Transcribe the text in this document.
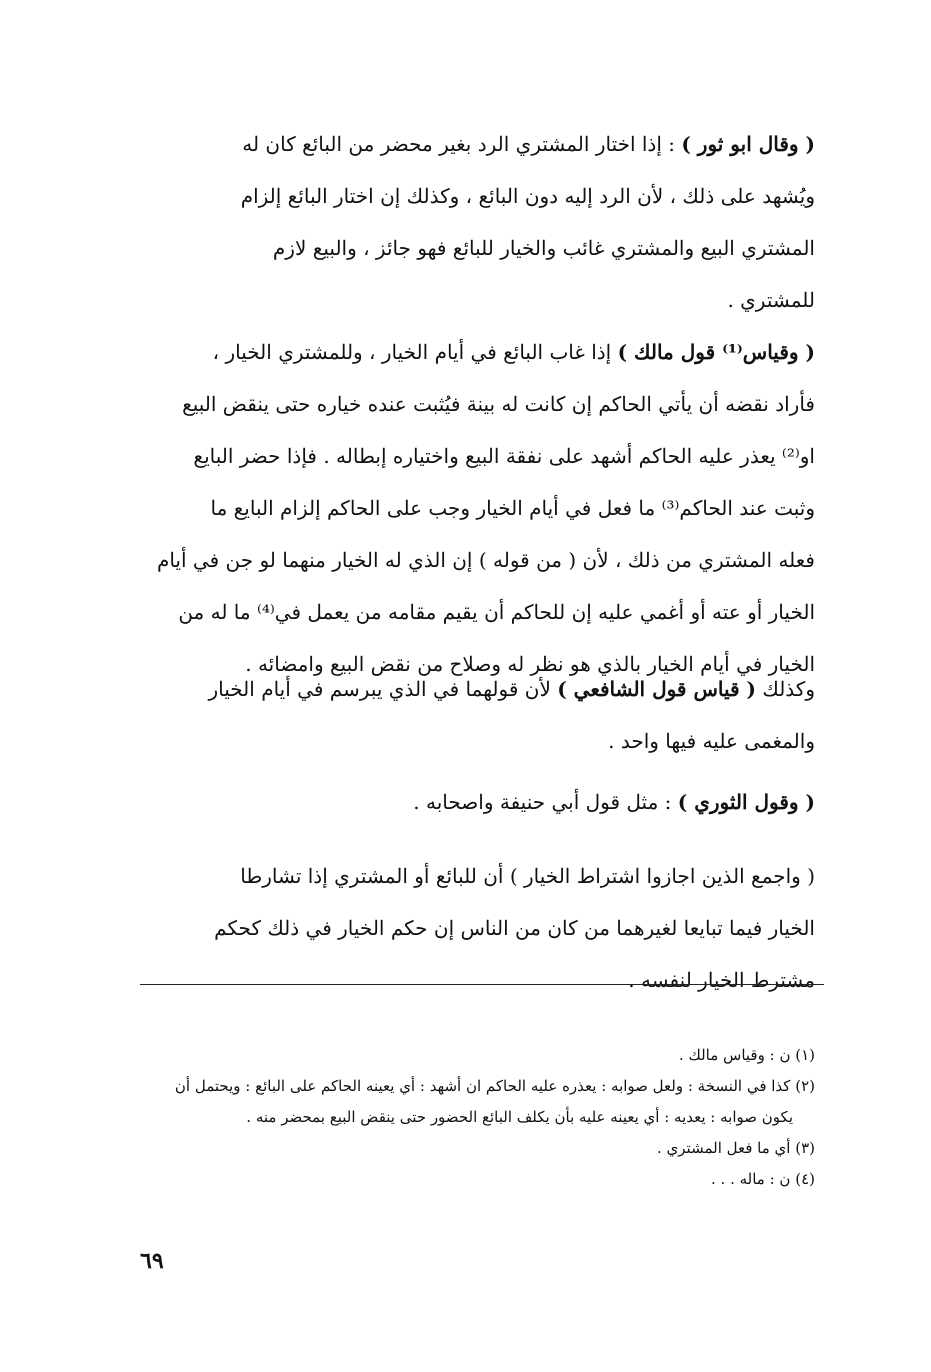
( وقال ابو ثور ) : إذا اختار المشتري الرد بغير محضر من البائع كان له
ويُشهد على ذلك ، لأن الرد إليه دون البائع ، وكذلك إن اختار البائع إلزام
المشتري البيع والمشتري غائب والخيار للبائع فهو جائز ، والبيع لازم
للمشتري .
( وقياس⁽¹⁾ قول مالك ) إذا غاب البائع في أيام الخيار ، وللمشتري الخيار ،
فأراد نقضه أن يأتي الحاكم إن كانت له بينة فيُثبت عنده خياره حتى ينقض البيع
او⁽²⁾ يعذر عليه الحاكم أشهد على نفقة البيع واختياره إبطاله . فإذا حضر البايع
وثبت عند الحاكم⁽³⁾ ما فعل في أيام الخيار وجب على الحاكم إلزام البايع ما
فعله المشتري من ذلك ، لأن ( من قوله ) إن الذي له الخيار منهما لو جن في أيام
الخيار أو عته أو أغمي عليه إن للحاكم أن يقيم مقامه من يعمل في⁽⁴⁾ ما له من
الخيار في أيام الخيار بالذي هو نظر له وصلاح من نقض البيع وامضائه .
وكذلك ( قياس قول الشافعي ) لأن قولهما في الذي يبرسم في أيام الخيار
والمغمى عليه فيها واحد .
( وقول الثوري ) : مثل قول أبي حنيفة واصحابه .
( واجمع الذين اجازوا اشتراط الخيار ) أن للبائع أو المشتري إذا تشارطا
الخيار فيما تبايعا لغيرهما من كان من الناس إن حكم الخيار في ذلك كحكم
مشترط الخيار لنفسه .
(١) ن : وقياس مالك .
(٢) كذا في النسخة : ولعل صوابه : يعذره عليه الحاكم ان أشهد : أي يعينه الحاكم على البائع : ويحتمل أن
يكون صوابه : يعديه : أي يعينه عليه بأن يكلف البائع الحضور حتى ينقض البيع بمحضر منه .
(٣) أي ما فعل المشتري .
(٤) ن : ماله . . .
٦٩
